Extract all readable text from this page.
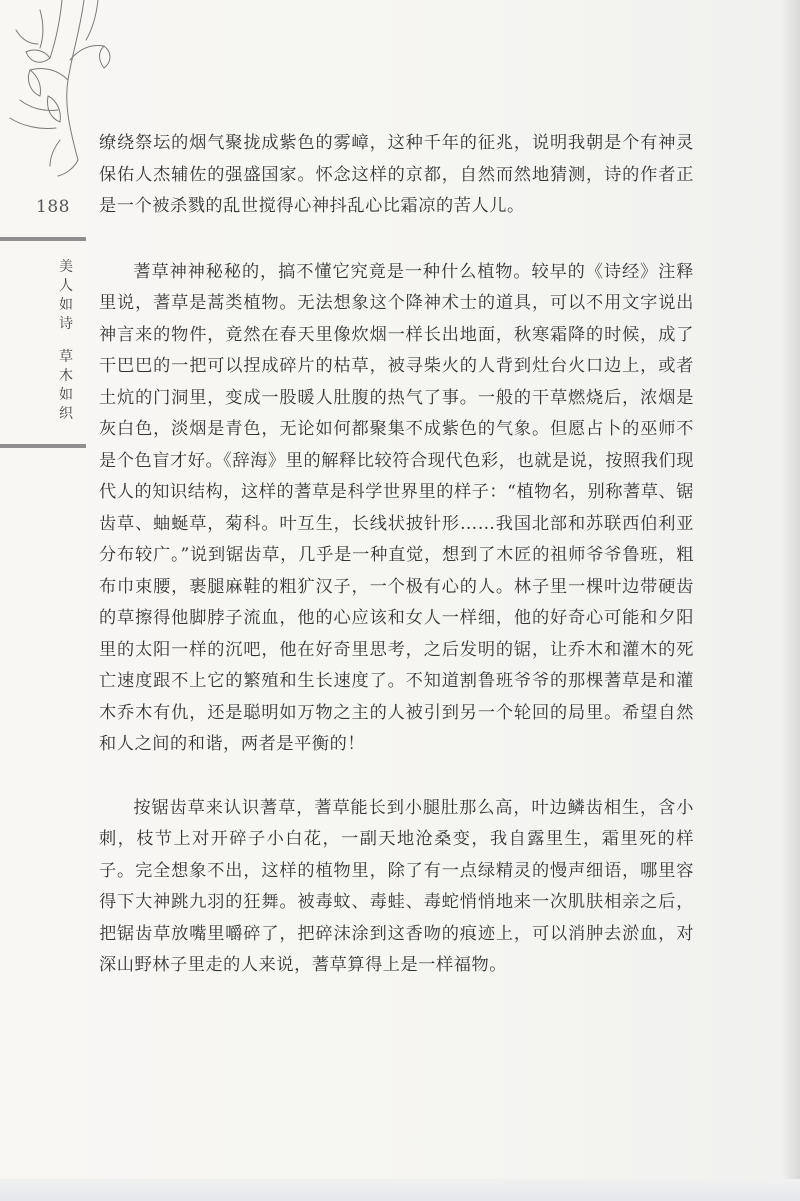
188
美
人
如
诗
草
木
如
织

缭绕祭坛的烟气聚拢成紫色的雾嶂，这种千年的征兆，说明我朝是个有神灵保佑人杰辅佐的强盛国家。怀念这样的京都，自然而然地猜测，诗的作者正是一个被杀戮的乱世搅得心神抖乱心比霜凉的苦人儿。

蓍草神神秘秘的，搞不懂它究竟是一种什么植物。较早的《诗经》注释里说，蓍草是蒿类植物。无法想象这个降神术士的道具，可以不用文字说出神言来的物件，竟然在春天里像炊烟一样长出地面，秋寒霜降的时候，成了干巴巴的一把可以捏成碎片的枯草，被寻柴火的人背到灶台火口边上，或者土炕的门洞里，变成一股暖人肚腹的热气了事。一般的干草燃烧后，浓烟是灰白色，淡烟是青色，无论如何都聚集不成紫色的气象。但愿占卜的巫师不是个色盲才好。《辞海》里的解释比较符合现代色彩，也就是说，按照我们现代人的知识结构，这样的蓍草是科学世界里的样子：“植物名，别称蓍草、锯齿草、蚰蜒草，菊科。叶互生，长线状披针形……我国北部和苏联西伯利亚分布较广。”说到锯齿草，几乎是一种直觉，想到了木匠的祖师爷爷鲁班，粗布巾束腰，裹腿麻鞋的粗犷汉子，一个极有心的人。林子里一棵叶边带硬齿的草擦得他脚脖子流血，他的心应该和女人一样细，他的好奇心可能和夕阳里的太阳一样的沉吧，他在好奇里思考，之后发明的锯，让乔木和灌木的死亡速度跟不上它的繁殖和生长速度了。不知道割鲁班爷爷的那棵蓍草是和灌木乔木有仇，还是聪明如万物之主的人被引到另一个轮回的局里。希望自然和人之间的和谐，两者是平衡的！

按锯齿草来认识蓍草，蓍草能长到小腿肚那么高，叶边鳞齿相生，含小刺，枝节上对开碎子小白花，一副天地沧桑变，我自露里生，霜里死的样子。完全想象不出，这样的植物里，除了有一点绿精灵的慢声细语，哪里容得下大神跳九羽的狂舞。被毒蚊、毒蛙、毒蛇悄悄地来一次肌肤相亲之后，把锯齿草放嘴里嚼碎了，把碎沫涂到这香吻的痕迹上，可以消肿去淤血，对深山野林子里走的人来说，蓍草算得上是一样福物。
